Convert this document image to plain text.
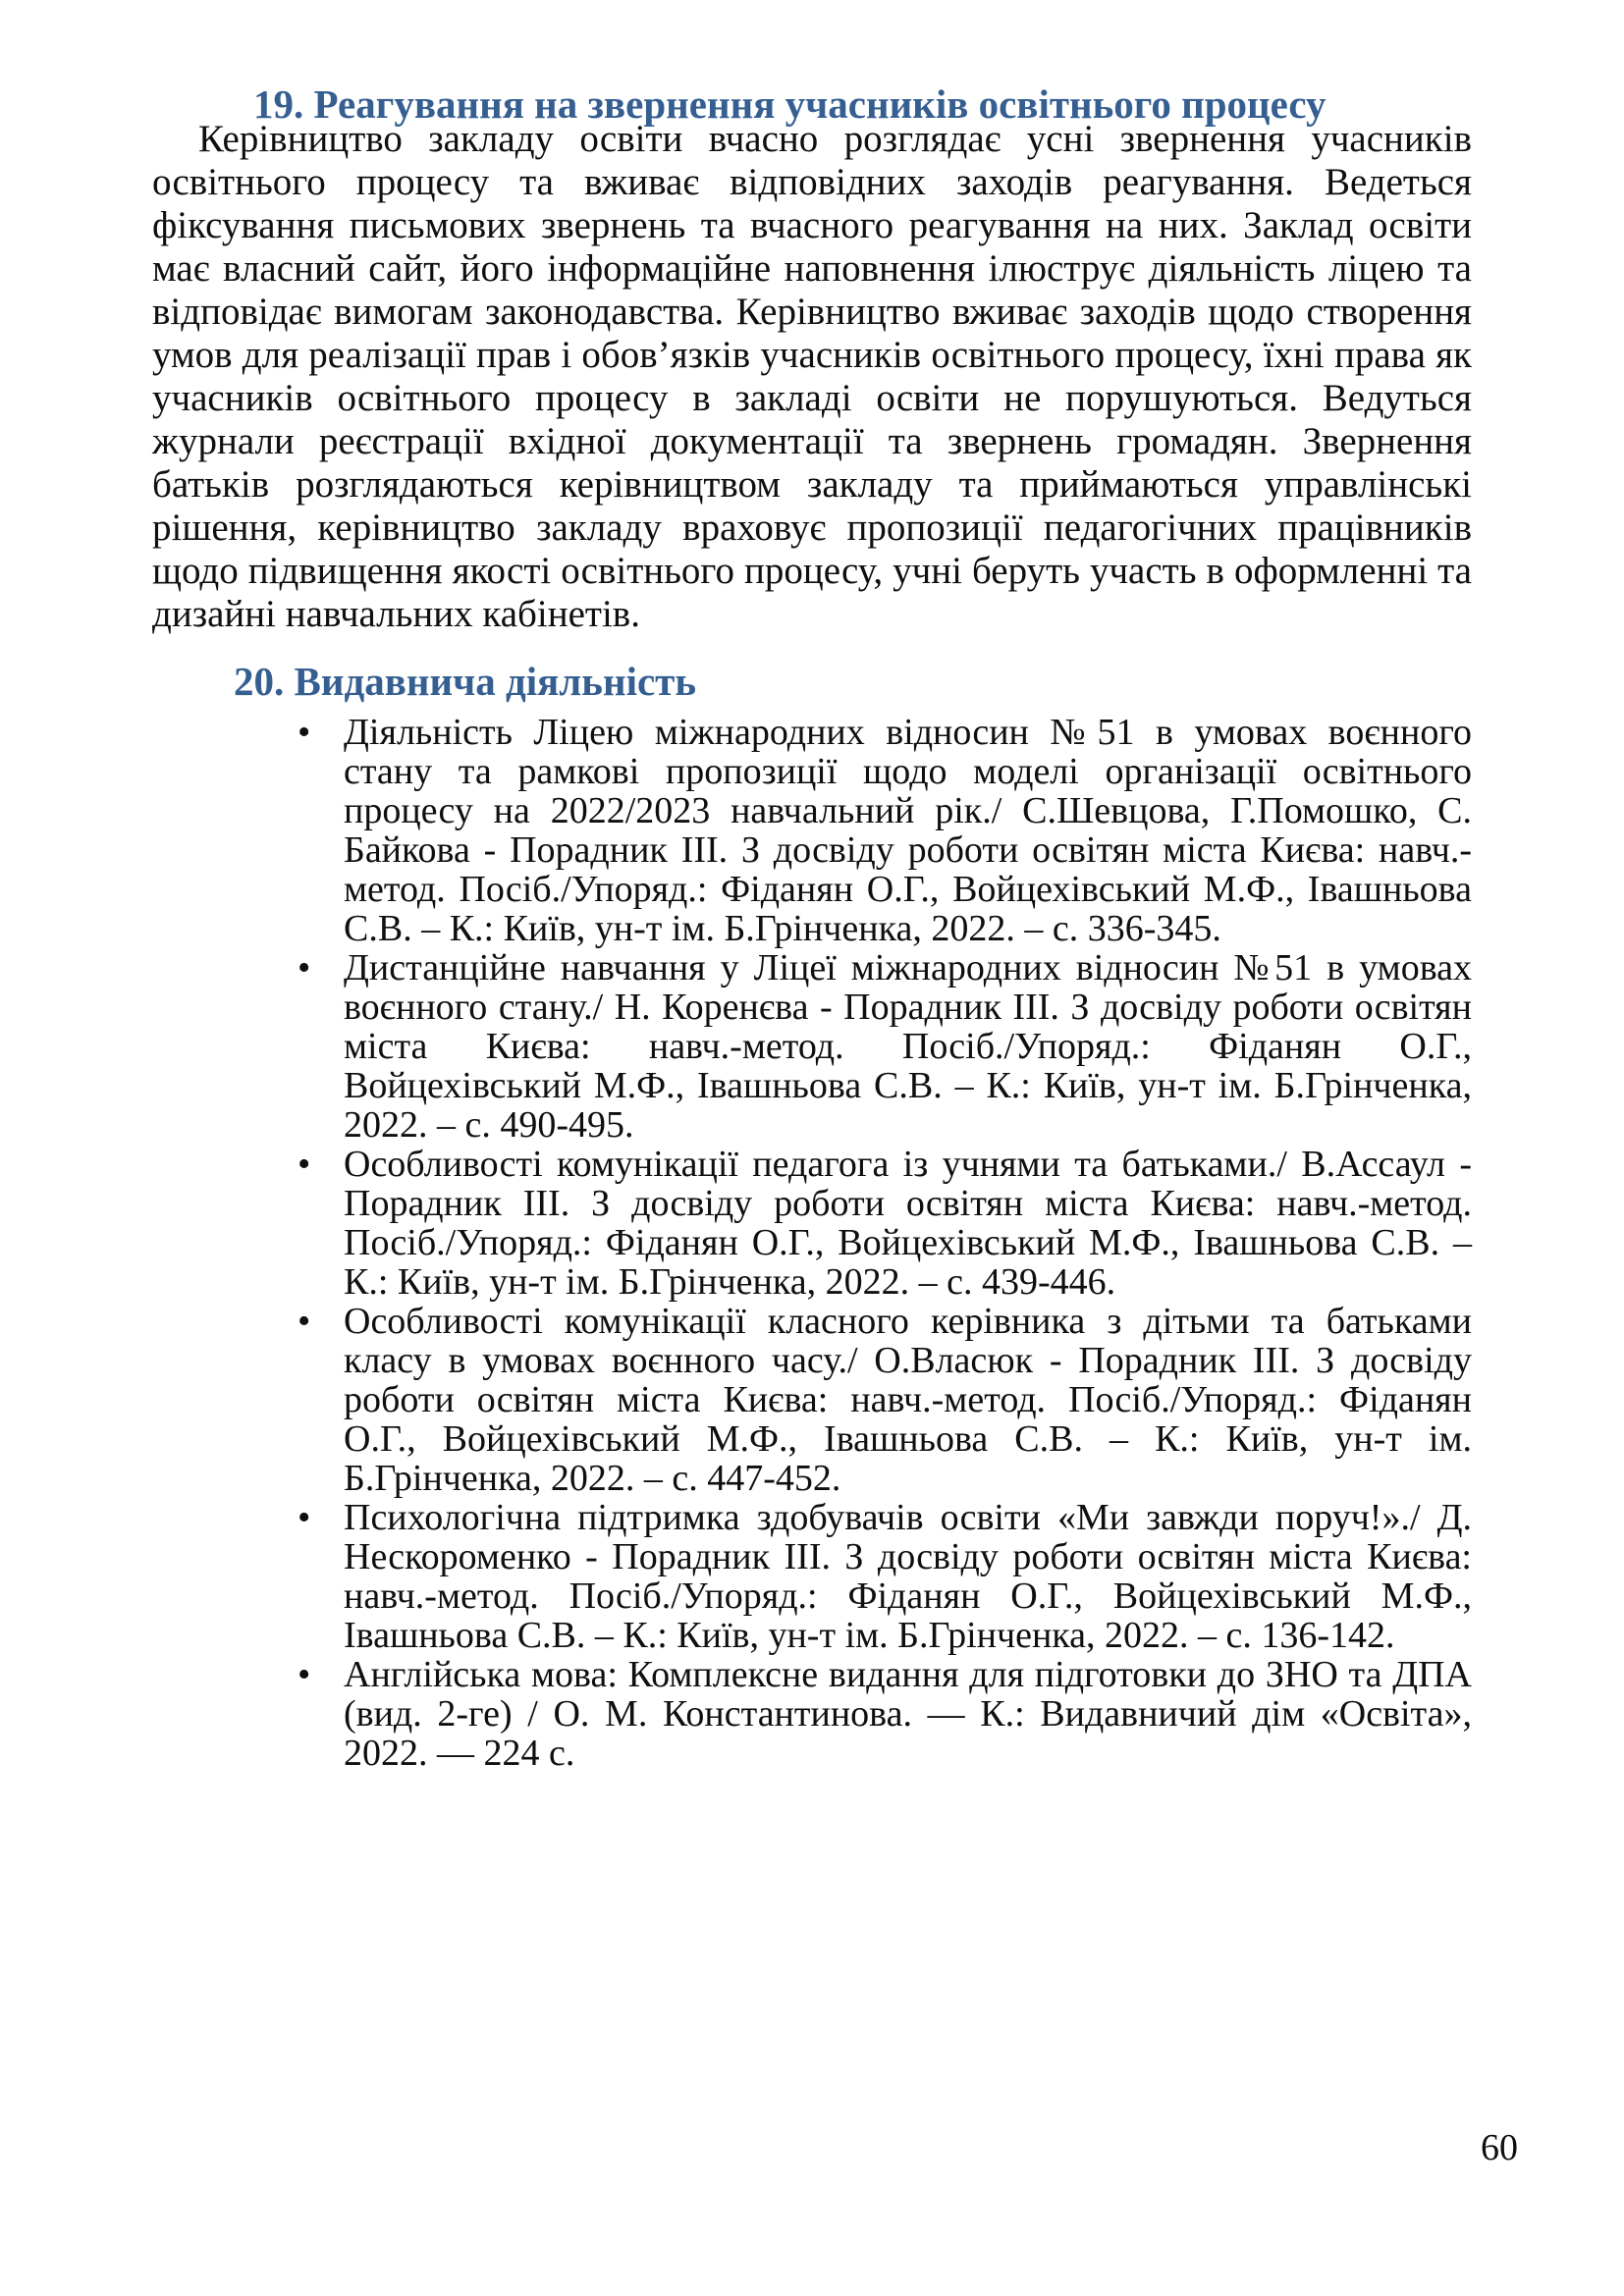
19. Реагування на звернення учасників освітнього процесу

Керівництво закладу освіти вчасно розглядає усні звернення учасників освітнього процесу та вживає відповідних заходів реагування. Ведеться фіксування письмових звернень та вчасного реагування на них. Заклад освіти має власний сайт, його інформаційне наповнення ілюструє діяльність ліцею та відповідає вимогам законодавства. Керівництво вживає заходів щодо створення умов для реалізації прав і обов’язків учасників освітнього процесу, їхні права як учасників освітнього процесу в закладі освіти не порушуються. Ведуться журнали реєстрації вхідної документації та звернень громадян. Звернення батьків розглядаються керівництвом закладу та приймаються управлінські рішення, керівництво закладу враховує пропозиції педагогічних працівників щодо підвищення якості освітнього процесу, учні беруть участь в оформленні та дизайні навчальних кабінетів.

20. Видавнича діяльність
• Діяльність Ліцею міжнародних відносин №51 в умовах воєнного стану та рамкові пропозиції щодо моделі організації освітнього процесу на 2022/2023 навчальний рік./ С.Шевцова, Г.Помошко, С. Байкова - Порадник ІІІ. З досвіду роботи освітян міста Києва: навч.-метод. Посіб./Упоряд.: Фіданян О.Г., Войцехівський М.Ф., Івашньова С.В. – К.: Київ, ун-т ім. Б.Грінченка, 2022. – с. 336-345.
• Дистанційне навчання у Ліцеї міжнародних відносин №51 в умовах воєнного стану./ Н. Коренєва - Порадник ІІІ. З досвіду роботи освітян міста Києва: навч.-метод. Посіб./Упоряд.: Фіданян О.Г., Войцехівський М.Ф., Івашньова С.В. – К.: Київ, ун-т ім. Б.Грінченка, 2022. – с. 490-495.
• Особливості комунікації педагога із учнями та батьками./ В.Ассаул - Порадник ІІІ. З досвіду роботи освітян міста Києва: навч.-метод. Посіб./Упоряд.: Фіданян О.Г., Войцехівський М.Ф., Івашньова С.В. – К.: Київ, ун-т ім. Б.Грінченка, 2022. – с. 439-446.
• Особливості комунікації класного керівника з дітьми та батьками класу в умовах воєнного часу./ О.Власюк - Порадник ІІІ. З досвіду роботи освітян міста Києва: навч.-метод. Посіб./Упоряд.: Фіданян О.Г., Войцехівський М.Ф., Івашньова С.В. – К.: Київ, ун-т ім. Б.Грінченка, 2022. – с. 447-452.
• Психологічна підтримка здобувачів освіти «Ми завжди поруч!»./ Д. Нескороменко - Порадник ІІІ. З досвіду роботи освітян міста Києва: навч.-метод. Посіб./Упоряд.: Фіданян О.Г., Войцехівський М.Ф., Івашньова С.В. – К.: Київ, ун-т ім. Б.Грінченка, 2022. – с. 136-142.
• Англійська мова: Комплексне видання для підготовки до ЗНО та ДПА (вид. 2-ге) / О. М. Константинова. — К.: Видавничий дім «Освіта», 2022. — 224 с.
60
